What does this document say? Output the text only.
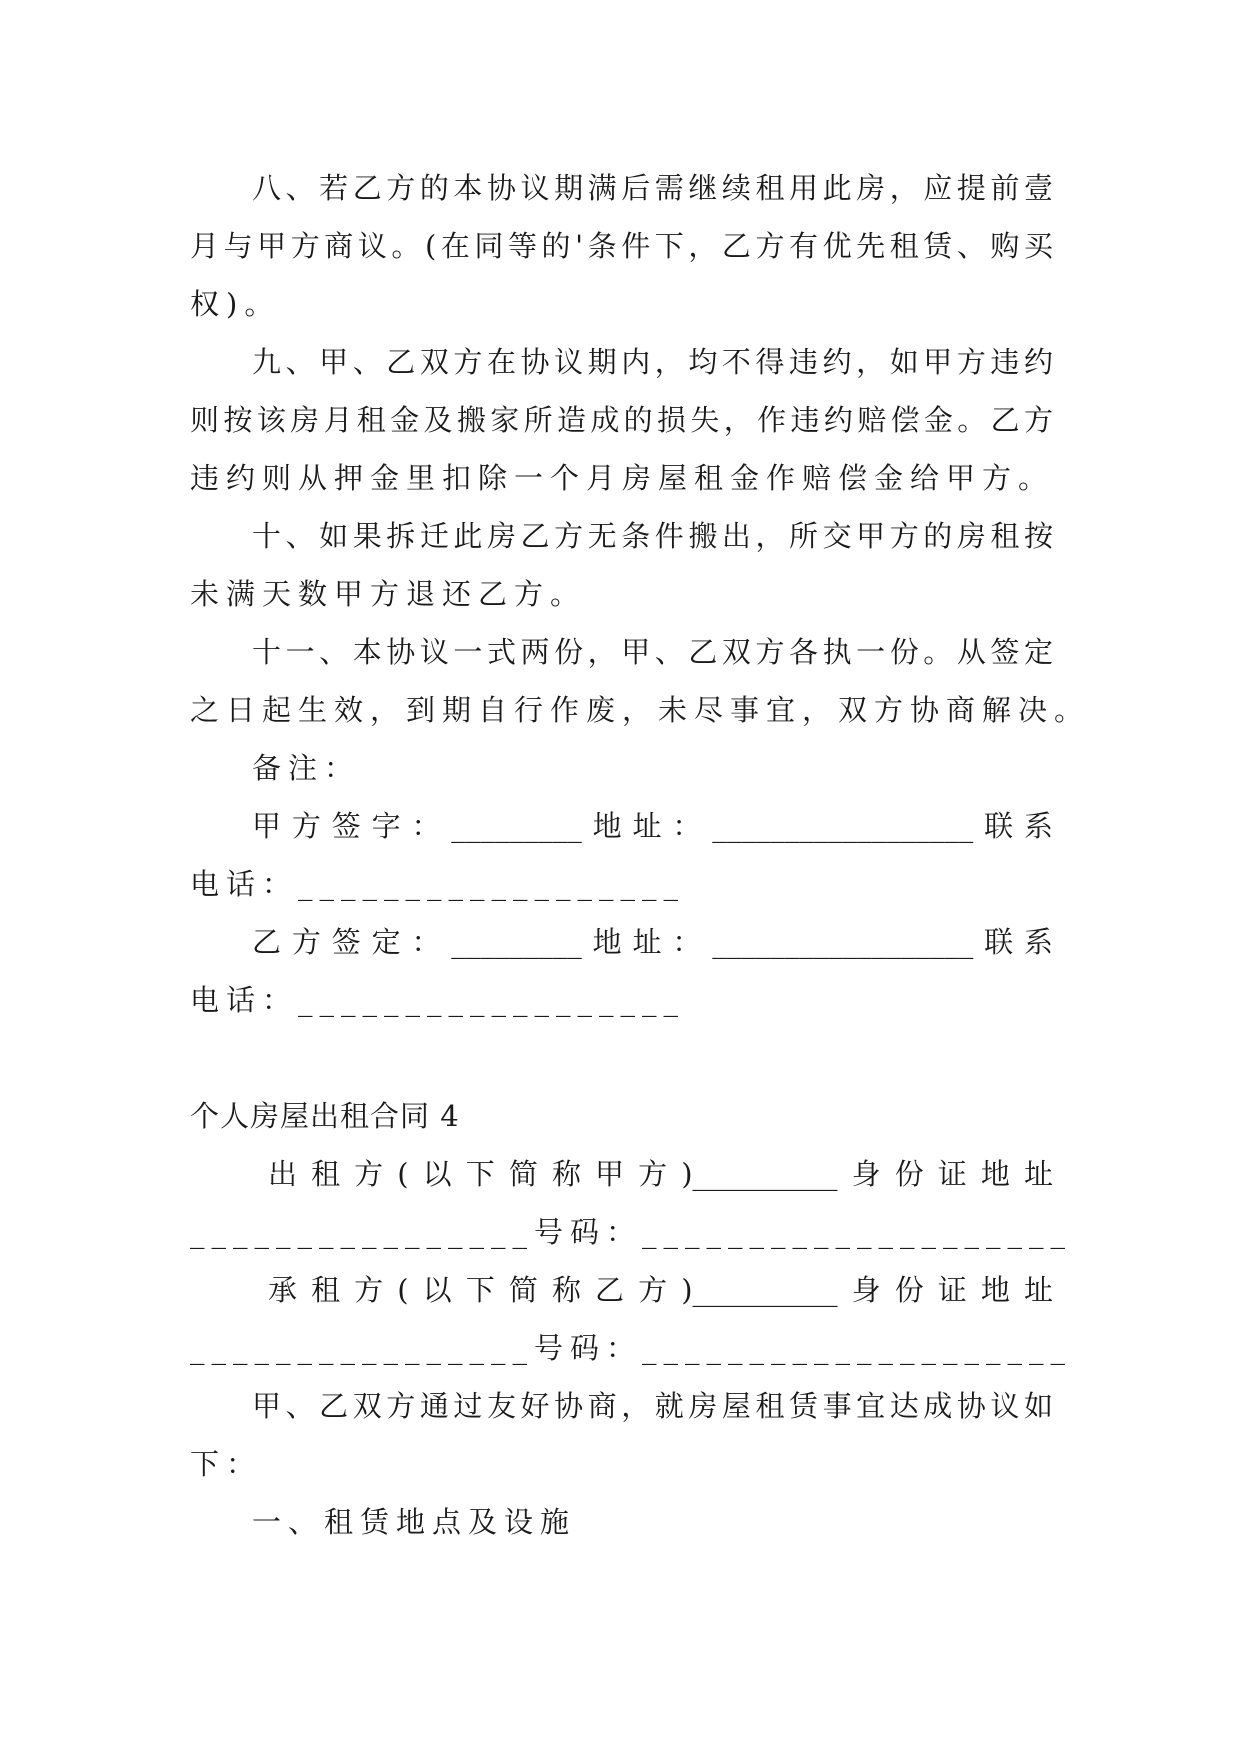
八、若乙方的本协议期满后需继续租用此房，应提前壹
月与甲方商议。(在同等的'条件下，乙方有优先租赁、购买
权)。
九、甲、乙双方在协议期内，均不得违约，如甲方违约
则按该房月租金及搬家所造成的损失，作违约赔偿金。乙方
违约则从押金里扣除一个月房屋租金作赔偿金给甲方。
十、如果拆迁此房乙方无条件搬出，所交甲方的房租按
未满天数甲方退还乙方。
十一、本协议一式两份，甲、乙双方各执一份。从签定
之日起生效，到期自行作废，未尽事宜，双方协商解决。
备注：
甲方签字：_________地址：__________________联系
电话：__________________
乙方签定：_________地址：__________________联系
电话：__________________
个人房屋出租合同 4
出租方(以下简称甲方)__________身份证地址
________________号码：____________________
承租方(以下简称乙方)__________身份证地址
________________号码：____________________
甲、乙双方通过友好协商，就房屋租赁事宜达成协议如
下：
一、租赁地点及设施
